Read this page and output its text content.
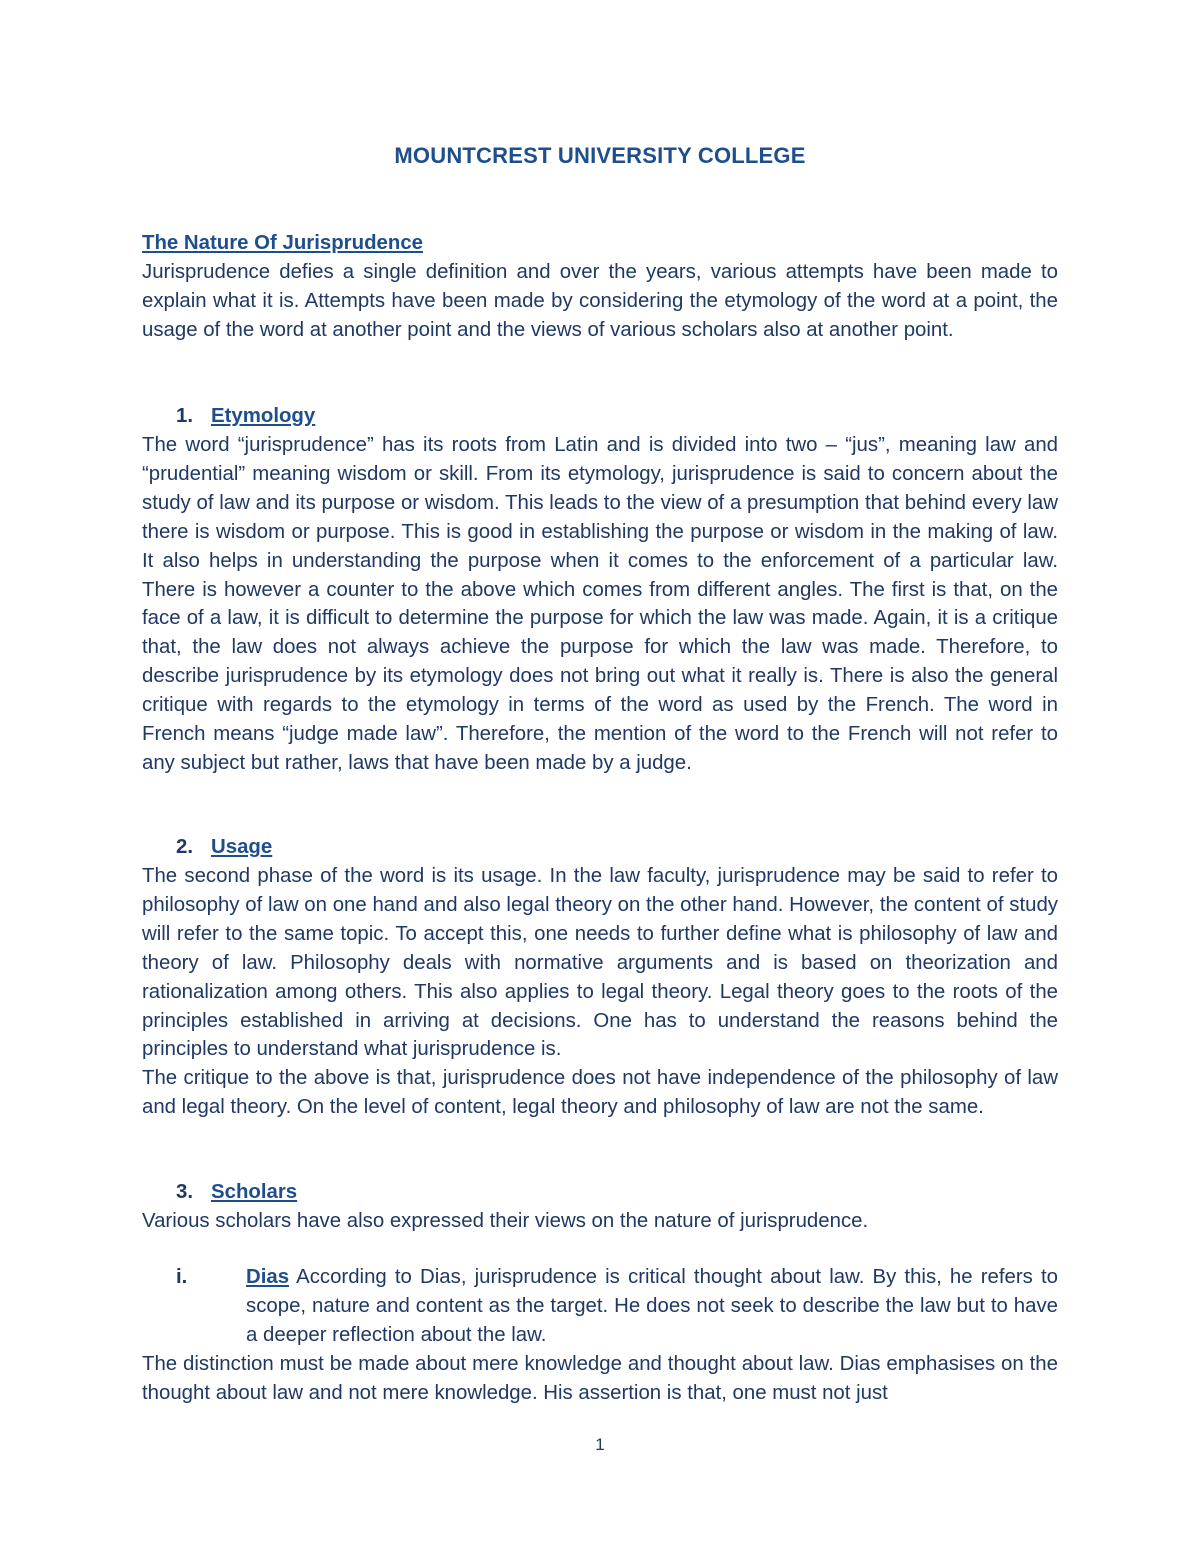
MOUNTCREST UNIVERSITY COLLEGE
The Nature Of Jurisprudence

Jurisprudence defies a single definition and over the years, various attempts have been made to explain what it is. Attempts have been made by considering the etymology of the word at a point, the usage of the word at another point and the views of various scholars also at another point.

1. Etymology

The word “jurisprudence” has its roots from Latin and is divided into two – “jus”, meaning law and “prudential” meaning wisdom or skill. From its etymology, jurisprudence is said to concern about the study of law and its purpose or wisdom. This leads to the view of a presumption that behind every law there is wisdom or purpose. This is good in establishing the purpose or wisdom in the making of law. It also helps in understanding the purpose when it comes to the enforcement of a particular law. There is however a counter to the above which comes from different angles. The first is that, on the face of a law, it is difficult to determine the purpose for which the law was made. Again, it is a critique that, the law does not always achieve the purpose for which the law was made. Therefore, to describe jurisprudence by its etymology does not bring out what it really is. There is also the general critique with regards to the etymology in terms of the word as used by the French. The word in French means “judge made law”. Therefore, the mention of the word to the French will not refer to any subject but rather, laws that have been made by a judge.

2. Usage

The second phase of the word is its usage. In the law faculty, jurisprudence may be said to refer to philosophy of law on one hand and also legal theory on the other hand. However, the content of study will refer to the same topic. To accept this, one needs to further define what is philosophy of law and theory of law. Philosophy deals with normative arguments and is based on theorization and rationalization among others. This also applies to legal theory. Legal theory goes to the roots of the principles established in arriving at decisions. One has to understand the reasons behind the principles to understand what jurisprudence is.

The critique to the above is that, jurisprudence does not have independence of the philosophy of law and legal theory. On the level of content, legal theory and philosophy of law are not the same.

3. Scholars

Various scholars have also expressed their views on the nature of jurisprudence.

i.	Dias According to Dias, jurisprudence is critical thought about law. By this, he refers to scope, nature and content as the target. He does not seek to describe the law but to have a deeper reflection about the law.

The distinction must be made about mere knowledge and thought about law. Dias emphasises on the thought about law and not mere knowledge. His assertion is that, one must not just

1
